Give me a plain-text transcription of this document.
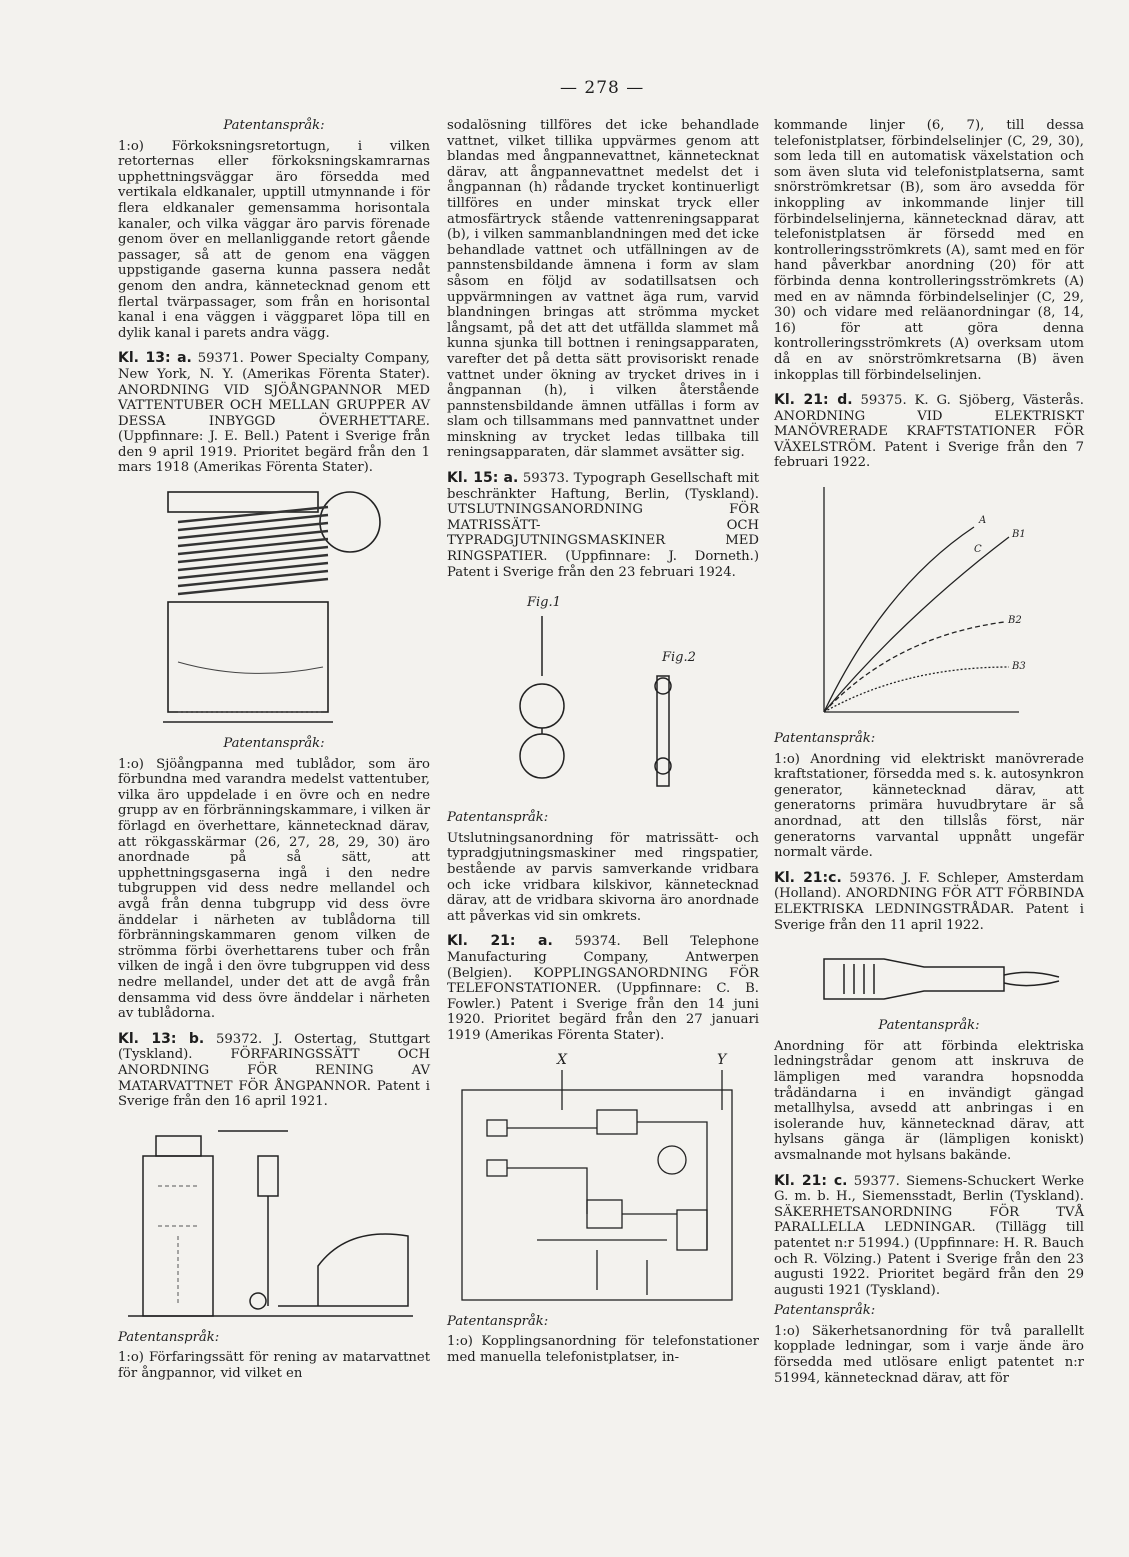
— 278 —

Patentanspråk:

1:o) Förkoksningsretortugn, i vilken retorternas eller förkoksningskamrarnas upphettningsväggar äro försedda med vertikala eldkanaler, upptill utmynnande i för flera eldkanaler gemensamma horisontala kanaler, och vilka väggar äro parvis förenade genom över en mellanliggande retort gående passager, så att de genom ena väggen uppstigande gaserna kunna passera nedåt genom den andra, kännetecknad genom ett flertal tvärpassager, som från en horisontal kanal i ena väggen i väggparet löpa till en dylik kanal i parets andra vägg.

Kl. 13: a. 59371. Power Specialty Company, New York, N. Y. (Amerikas Förenta Stater). ANORDNING VID SJÖÅNGPANNOR MED VATTENTUBER OCH MELLAN GRUPPER AV DESSA INBYGGD ÖVERHETTARE. (Uppfinnare: J. E. Bell.) Patent i Sverige från den 9 april 1919. Prioritet begärd från den 1 mars 1918 (Amerikas Förenta Stater).

Patentanspråk:

1:o) Sjöångpanna med tublådor, som äro förbundna med varandra medelst vattentuber, vilka äro uppdelade i en övre och en nedre grupp av en förbränningskammare, i vilken är förlagd en överhettare, kännetecknad därav, att rökgasskärmar (26, 27, 28, 29, 30) äro anordnade på så sätt, att upphettningsgaserna ingå i den nedre tubgruppen vid dess nedre mellandel och avgå från denna tubgrupp vid dess övre änddelar i närheten av tublådorna till förbränningskammaren genom vilken de strömma förbi överhettarens tuber och från vilken de ingå i den övre tubgruppen vid dess nedre mellandel, under det att de avgå från densamma vid dess övre änddelar i närheten av tublådorna.

Kl. 13: b. 59372. J. Ostertag, Stuttgart (Tyskland). FÖRFARINGSSÄTT OCH ANORDNING FÖR RENING AV MATARVATTNET FÖR ÅNGPANNOR. Patent i Sverige från den 16 april 1921.

Patentanspråk:

1:o) Förfaringssätt för rening av matarvattnet för ångpannor, vid vilket en

sodalösning tillföres det icke behandlade vattnet, vilket tillika uppvärmes genom att blandas med ångpannevattnet, kännetecknat därav, att ångpannevattnet medelst det i ångpannan (h) rådande trycket kontinuerligt tillföres en under minskat tryck eller atmosfärtryck stående vattenreningsapparat (b), i vilken sammanblandningen med det icke behandlade vattnet och utfällningen av de pannstensbildande ämnena i form av slam såsom en följd av sodatillsatsen och uppvärmningen av vattnet äga rum, varvid blandningen bringas att strömma mycket långsamt, på det att det utfällda slammet må kunna sjunka till bottnen i reningsapparaten, varefter det på detta sätt provisoriskt renade vattnet under ökning av trycket drives in i ångpannan (h), i vilken återstående pannstensbildande ämnen utfällas i form av slam och tillsammans med pannvattnet under minskning av trycket ledas tillbaka till reningsapparaten, där slammet avsätter sig.

Kl. 15: a. 59373. Typograph Gesellschaft mit beschränkter Haftung, Berlin, (Tyskland). UTSLUTNINGSANORDNING FÖR MATRISSÄTT- OCH TYPRADGJUTNINGSMASKINER MED RINGSPATIER. (Uppfinnare: J. Dorneth.) Patent i Sverige från den 23 februari 1924.

Fig.1
Fig.2

Patentanspråk:

Utslutningsanordning för matrissätt- och typradgjutningsmaskiner med ringspatier, bestående av parvis samverkande vridbara och icke vridbara kilskivor, kännetecknad därav, att de vridbara skivorna äro anordnade att påverkas vid sin omkrets.

Kl. 21: a. 59374. Bell Telephone Manufacturing Company, Antwerpen (Belgien). KOPPLINGSANORDNING FÖR TELEFONSTATIONER. (Uppfinnare: C. B. Fowler.) Patent i Sverige från den 14 juni 1920. Prioritet begärd från den 27 januari 1919 (Amerikas Förenta Stater).

X	Y

Patentanspråk:

1:o) Kopplingsanordning för telefonstationer med manuella telefonistplatser, in-

kommande linjer (6, 7), till dessa telefonistplatser, förbindelselinjer (C, 29, 30), som leda till en automatisk växelstation och som även sluta vid telefonistplatserna, samt snörströmkretsar (B), som äro avsedda för inkoppling av inkommande linjer till förbindelselinjerna, kännetecknad därav, att telefonistplatsen är försedd med en kontrolleringsströmkrets (A), samt med en för hand påverkbar anordning (20) för att förbinda denna kontrolleringsströmkrets (A) med en av nämnda förbindelselinjer (C, 29, 30) och vidare med reläanordningar (8, 14, 16) för att göra denna kontrolleringsströmkrets (A) overksam utom då en av snörströmkretsarna (B) även inkopplas till förbindelselinjen.

Kl. 21: d. 59375. K. G. Sjöberg, Västerås. ANORDNING VID ELEKTRISKT MANÖVRERADE KRAFTSTATIONER FÖR VÄXELSTRÖM. Patent i Sverige från den 7 februari 1922.

A
B1
C
B2
B3

Patentanspråk:

1:o) Anordning vid elektriskt manövrerade kraftstationer, försedda med s. k. autosynkron generator, kännetecknad därav, att generatorns primära huvudbrytare är så anordnad, att den tillslås först, när generatorns varvantal uppnått ungefär normalt värde.

Kl. 21:c. 59376. J. F. Schleper, Amsterdam (Holland). ANORDNING FÖR ATT FÖRBINDA ELEKTRISKA LEDNINGSTRÅDAR. Patent i Sverige från den 11 april 1922.

Patentanspråk:

Anordning för att förbinda elektriska ledningstrådar genom att inskruva de lämpligen med varandra hopsnodda trådändarna i en invändigt gängad metallhylsa, avsedd att anbringas i en isolerande huv, kännetecknad därav, att hylsans gänga är (lämpligen koniskt) avsmalnande mot hylsans bakände.

Kl. 21: c. 59377. Siemens-Schuckert Werke G. m. b. H., Siemensstadt, Berlin (Tyskland). SÄKERHETSANORDNING FÖR TVÅ PARALLELLA LEDNINGAR. (Tillägg till patentet n:r 51994.) (Uppfinnare: H. R. Bauch och R. Völzing.) Patent i Sverige från den 23 augusti 1922. Prioritet begärd från den 29 augusti 1921 (Tyskland).

Patentanspråk:

1:o) Säkerhetsanordning för två parallellt kopplade ledningar, som i varje ände äro försedda med utlösare enligt patentet n:r 51994, kännetecknad därav, att för
